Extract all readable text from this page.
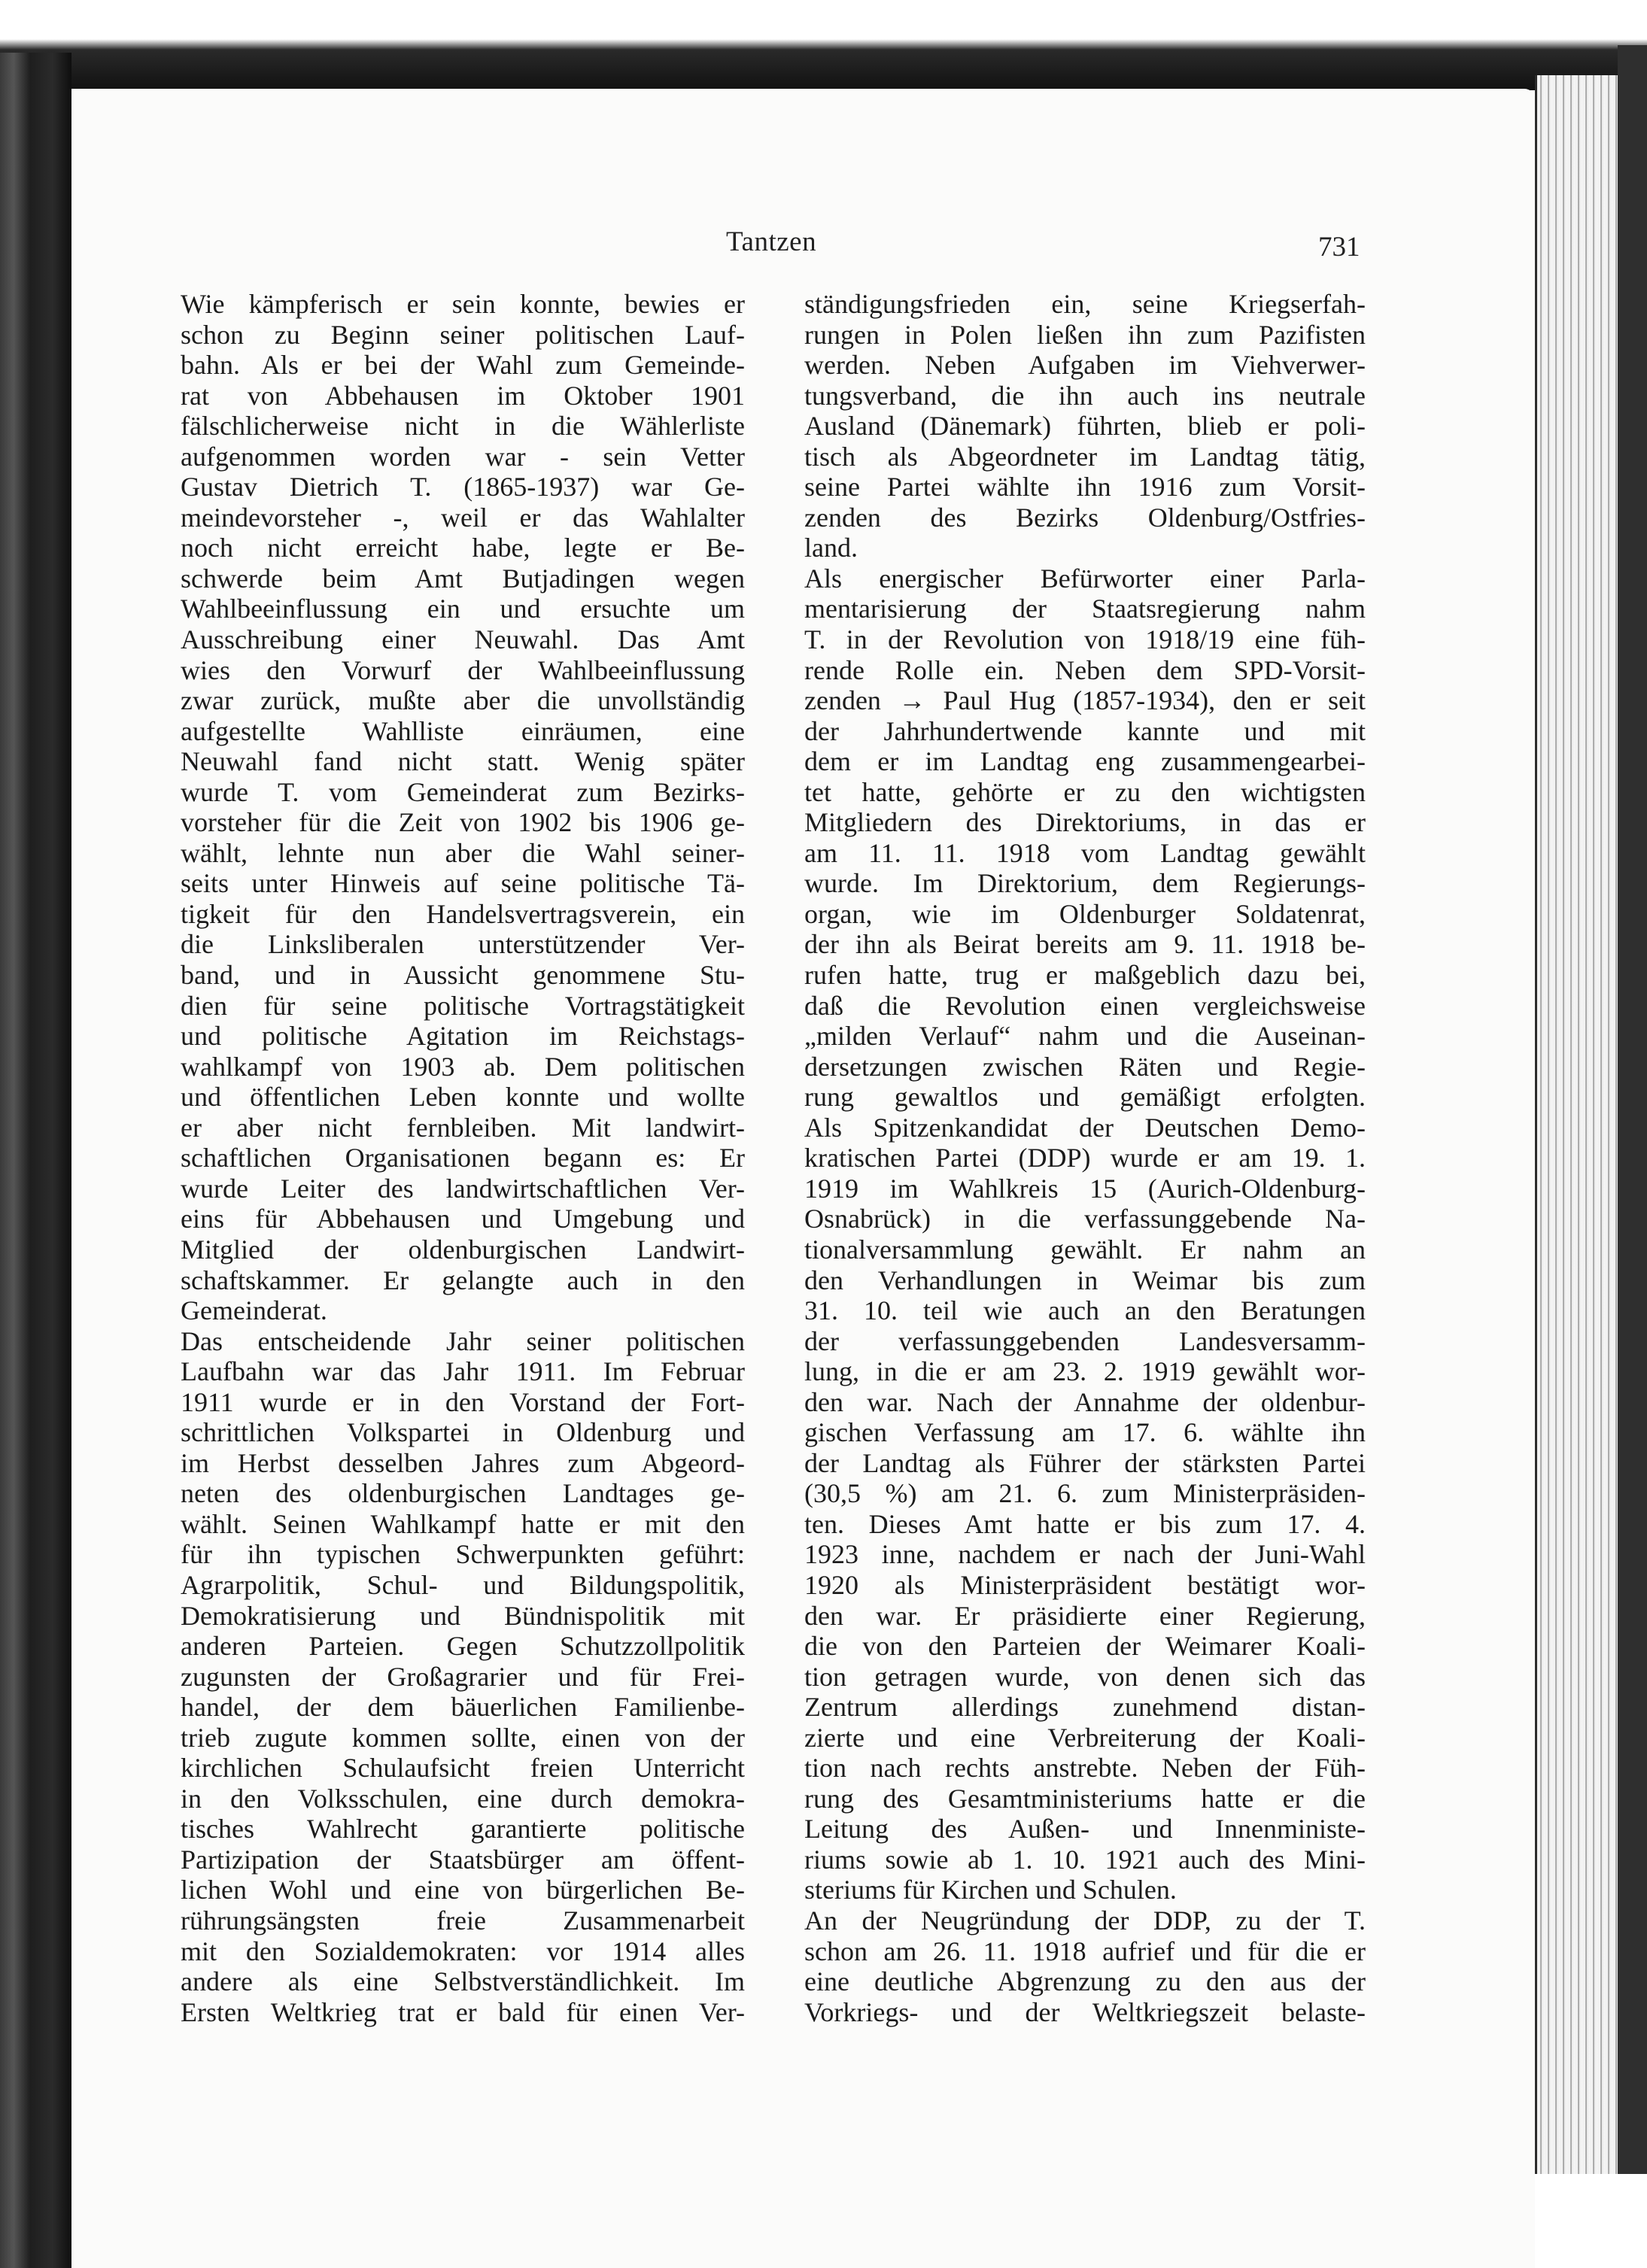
Tantzen	731
Wie kämpferisch er sein konnte, bewies er
schon zu Beginn seiner politischen Lauf-
bahn. Als er bei der Wahl zum Gemeinde-
rat von Abbehausen im Oktober 1901
fälschlicherweise nicht in die Wählerliste
aufgenommen worden war - sein Vetter
Gustav Dietrich T. (1865-1937) war Ge-
meindevorsteher -, weil er das Wahlalter
noch nicht erreicht habe, legte er Be-
schwerde beim Amt Butjadingen wegen
Wahlbeeinflussung ein und ersuchte um
Ausschreibung einer Neuwahl. Das Amt
wies den Vorwurf der Wahlbeeinflussung
zwar zurück, mußte aber die unvollständig
aufgestellte Wahlliste einräumen, eine
Neuwahl fand nicht statt. Wenig später
wurde T. vom Gemeinderat zum Bezirks-
vorsteher für die Zeit von 1902 bis 1906 ge-
wählt, lehnte nun aber die Wahl seiner-
seits unter Hinweis auf seine politische Tä-
tigkeit für den Handelsvertragsverein, ein
die Linksliberalen unterstützender Ver-
band, und in Aussicht genommene Stu-
dien für seine politische Vortragstätigkeit
und politische Agitation im Reichstags-
wahlkampf von 1903 ab. Dem politischen
und öffentlichen Leben konnte und wollte
er aber nicht fernbleiben. Mit landwirt-
schaftlichen Organisationen begann es: Er
wurde Leiter des landwirtschaftlichen Ver-
eins für Abbehausen und Umgebung und
Mitglied der oldenburgischen Landwirt-
schaftskammer. Er gelangte auch in den
Gemeinderat.
Das entscheidende Jahr seiner politischen
Laufbahn war das Jahr 1911. Im Februar
1911 wurde er in den Vorstand der Fort-
schrittlichen Volkspartei in Oldenburg und
im Herbst desselben Jahres zum Abgeord-
neten des oldenburgischen Landtages ge-
wählt. Seinen Wahlkampf hatte er mit den
für ihn typischen Schwerpunkten geführt:
Agrarpolitik, Schul- und Bildungspolitik,
Demokratisierung und Bündnispolitik mit
anderen Parteien. Gegen Schutzzollpolitik
zugunsten der Großagrarier und für Frei-
handel, der dem bäuerlichen Familienbe-
trieb zugute kommen sollte, einen von der
kirchlichen Schulaufsicht freien Unterricht
in den Volksschulen, eine durch demokra-
tisches Wahlrecht garantierte politische
Partizipation der Staatsbürger am öffent-
lichen Wohl und eine von bürgerlichen Be-
rührungsängsten freie Zusammenarbeit
mit den Sozialdemokraten: vor 1914 alles
andere als eine Selbstverständlichkeit. Im
Ersten Weltkrieg trat er bald für einen Ver-
ständigungsfrieden ein, seine Kriegserfah-
rungen in Polen ließen ihn zum Pazifisten
werden. Neben Aufgaben im Viehverwer-
tungsverband, die ihn auch ins neutrale
Ausland (Dänemark) führten, blieb er poli-
tisch als Abgeordneter im Landtag tätig,
seine Partei wählte ihn 1916 zum Vorsit-
zenden des Bezirks Oldenburg/Ostfries-
land.
Als energischer Befürworter einer Parla-
mentarisierung der Staatsregierung nahm
T. in der Revolution von 1918/19 eine füh-
rende Rolle ein. Neben dem SPD-Vorsit-
zenden → Paul Hug (1857-1934), den er seit
der Jahrhundertwende kannte und mit
dem er im Landtag eng zusammengearbei-
tet hatte, gehörte er zu den wichtigsten
Mitgliedern des Direktoriums, in das er
am 11. 11. 1918 vom Landtag gewählt
wurde. Im Direktorium, dem Regierungs-
organ, wie im Oldenburger Soldatenrat,
der ihn als Beirat bereits am 9. 11. 1918 be-
rufen hatte, trug er maßgeblich dazu bei,
daß die Revolution einen vergleichsweise
„milden Verlauf“ nahm und die Auseinan-
dersetzungen zwischen Räten und Regie-
rung gewaltlos und gemäßigt erfolgten.
Als Spitzenkandidat der Deutschen Demo-
kratischen Partei (DDP) wurde er am 19. 1.
1919 im Wahlkreis 15 (Aurich-Oldenburg-
Osnabrück) in die verfassunggebende Na-
tionalversammlung gewählt. Er nahm an
den Verhandlungen in Weimar bis zum
31. 10. teil wie auch an den Beratungen
der verfassunggebenden Landesversamm-
lung, in die er am 23. 2. 1919 gewählt wor-
den war. Nach der Annahme der oldenbur-
gischen Verfassung am 17. 6. wählte ihn
der Landtag als Führer der stärksten Partei
(30,5 %) am 21. 6. zum Ministerpräsiden-
ten. Dieses Amt hatte er bis zum 17. 4.
1923 inne, nachdem er nach der Juni-Wahl
1920 als Ministerpräsident bestätigt wor-
den war. Er präsidierte einer Regierung,
die von den Parteien der Weimarer Koali-
tion getragen wurde, von denen sich das
Zentrum allerdings zunehmend distan-
zierte und eine Verbreiterung der Koali-
tion nach rechts anstrebte. Neben der Füh-
rung des Gesamtministeriums hatte er die
Leitung des Außen- und Innenministe-
riums sowie ab 1. 10. 1921 auch des Mini-
steriums für Kirchen und Schulen.
An der Neugründung der DDP, zu der T.
schon am 26. 11. 1918 aufrief und für die er
eine deutliche Abgrenzung zu den aus der
Vorkriegs- und der Weltkriegszeit belaste-
